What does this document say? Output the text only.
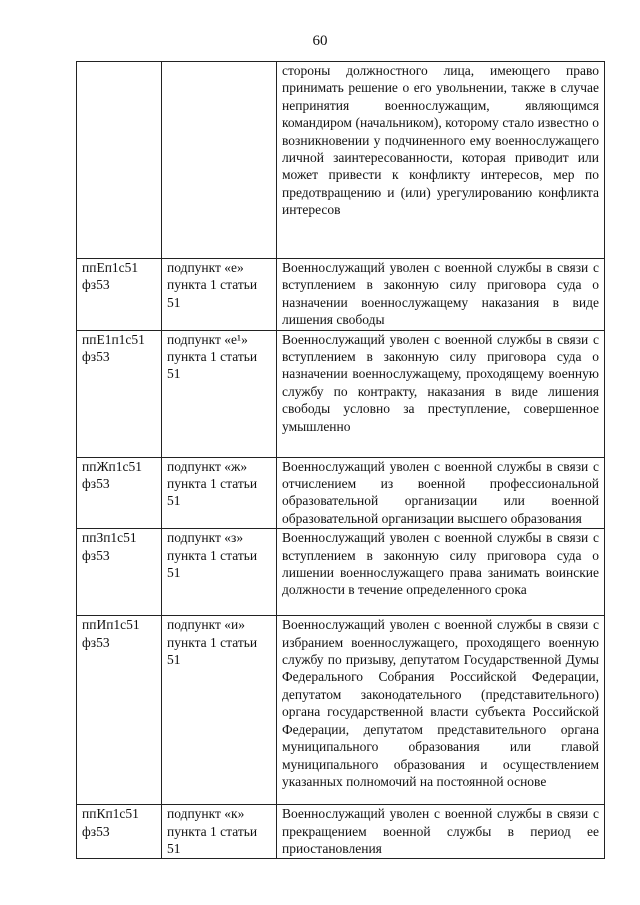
60
		стороны должностного лица, имеющего право принимать решение о его увольнении, также в случае непринятия военнослужащим, являющимся командиром (начальником), которому стало известно о возникновении у подчиненного ему военнослужащего личной заинтересованности, которая приводит или может привести к конфликту интересов, мер по предотвращению и (или) урегулированию конфликта интересов
ппЕп1с51 фз53	подпункт «е» пункта 1 статьи 51	Военнослужащий уволен с военной службы в связи с вступлением в законную силу приговора суда о назначении военнослужащему наказания в виде лишения свободы
ппЕ1п1с51 фз53	подпункт «е¹» пункта 1 статьи 51	Военнослужащий уволен с военной службы в связи с вступлением в законную силу приговора суда о назначении военнослужащему, проходящему военную службу по контракту, наказания в виде лишения свободы условно за преступление, совершенное умышленно
ппЖп1с51 фз53	подпункт «ж» пункта 1 статьи 51	Военнослужащий уволен с военной службы в связи с отчислением из военной профессиональной образовательной организации или военной образовательной организации высшего образования
ппЗп1с51 фз53	подпункт «з» пункта 1 статьи 51	Военнослужащий уволен с военной службы в связи с вступлением в законную силу приговора суда о лишении военнослужащего права занимать воинские должности в течение определенного срока
ппИп1с51 фз53	подпункт «и» пункта 1 статьи 51	Военнослужащий уволен с военной службы в связи с избранием военнослужащего, проходящего военную службу по призыву, депутатом Государственной Думы Федерального Собрания Российской Федерации, депутатом законодательного (представительного) органа государственной власти субъекта Российской Федерации, депутатом представительного органа муниципального образования или главой муниципального образования и осуществлением указанных полномочий на постоянной основе
ппКп1с51 фз53	подпункт «к» пункта 1 статьи 51	Военнослужащий уволен с военной службы в связи с прекращением военной службы в период ее приостановления
